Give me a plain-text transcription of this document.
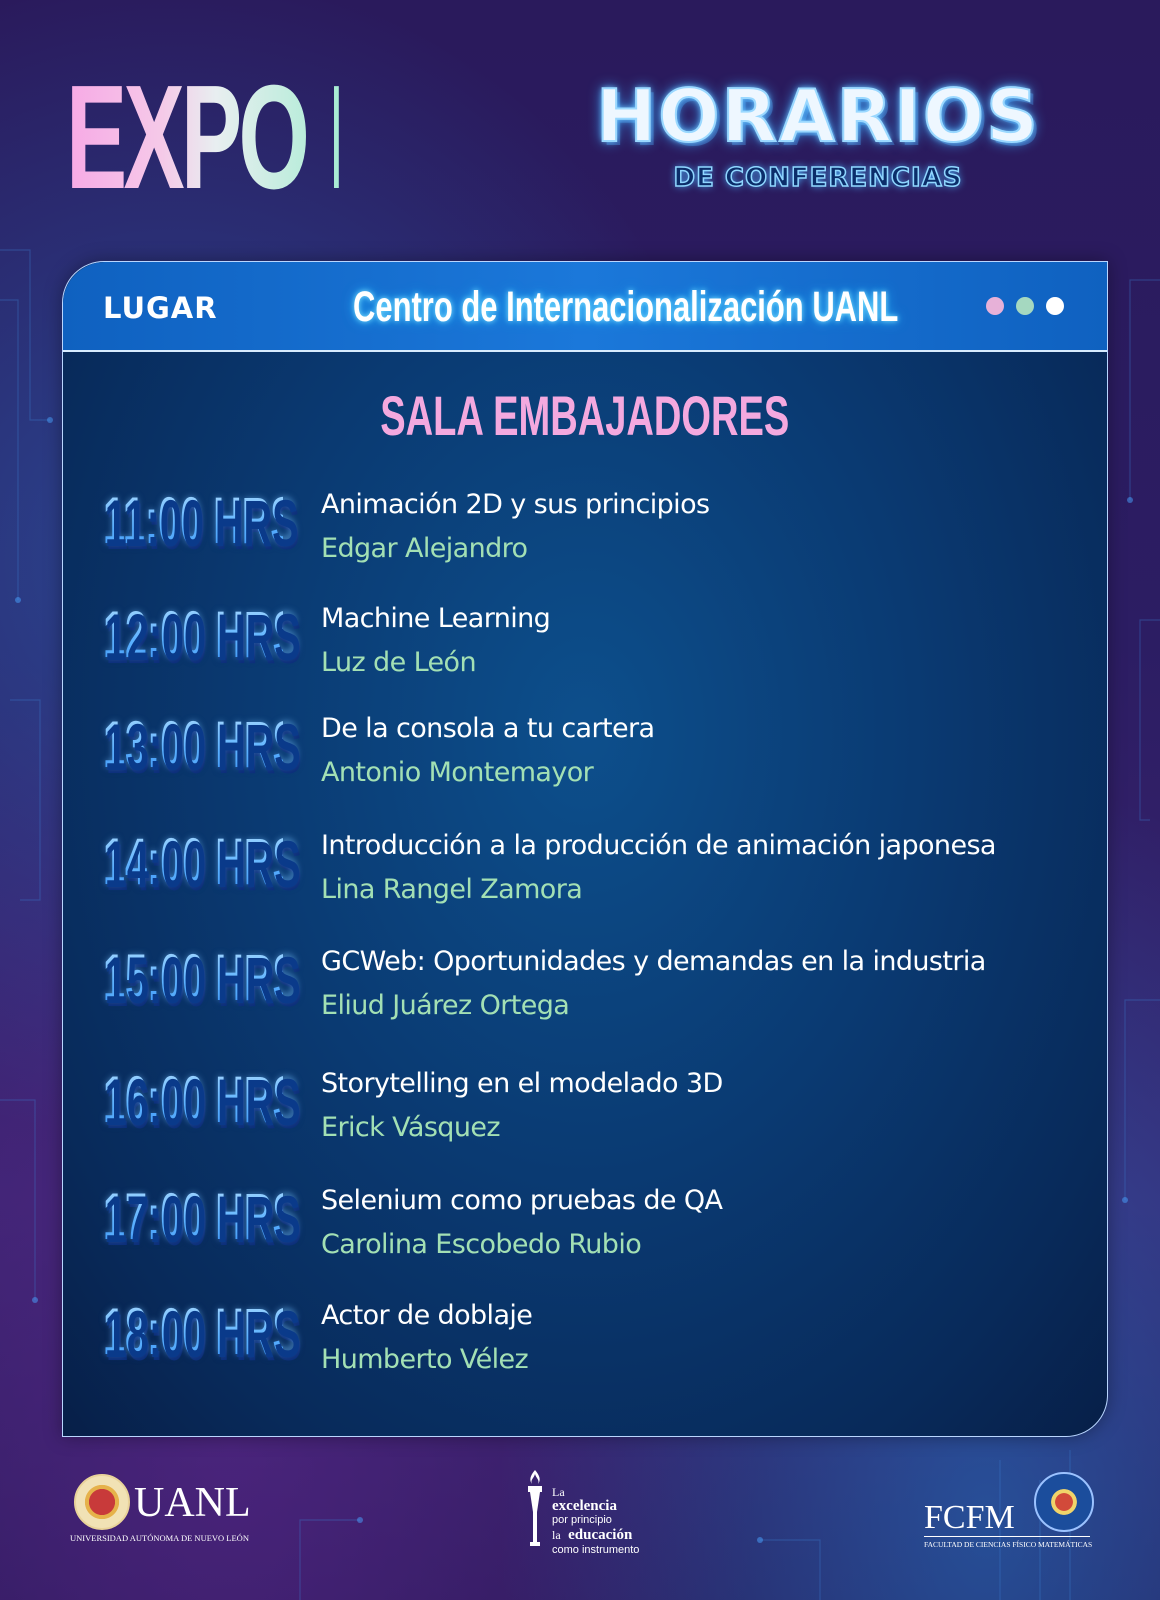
EXPO LMAD HORARIOS
DE CONFERENCIAS
LUGAR	Centro de Internacionalización UANL
SALA EMBAJADORES
11:00 HRS Animación 2D y sus principios
Edgar Alejandro
12:00 HRS Machine Learning
Luz de León
13:00 HRS De la consola a tu cartera
Antonio Montemayor
14:00 HRS Introducción a la producción de animación japonesa
Lina Rangel Zamora
15:00 HRS GCWeb: Oportunidades y demandas en la industria
Eliud Juárez Ortega
16:00 HRS Storytelling en el modelado 3D
Erick Vásquez
17:00 HRS Selenium como pruebas de QA
Carolina Escobedo Rubio
18:00 HRS Actor de doblaje
Humberto Vélez
UANL
UNIVERSIDAD AUTÓNOMA DE NUEVO LEÓN
La
excelencia
por principio
la educación
como instrumento
FCFM
FACULTAD DE CIENCIAS FÍSICO MATEMÁTICAS
